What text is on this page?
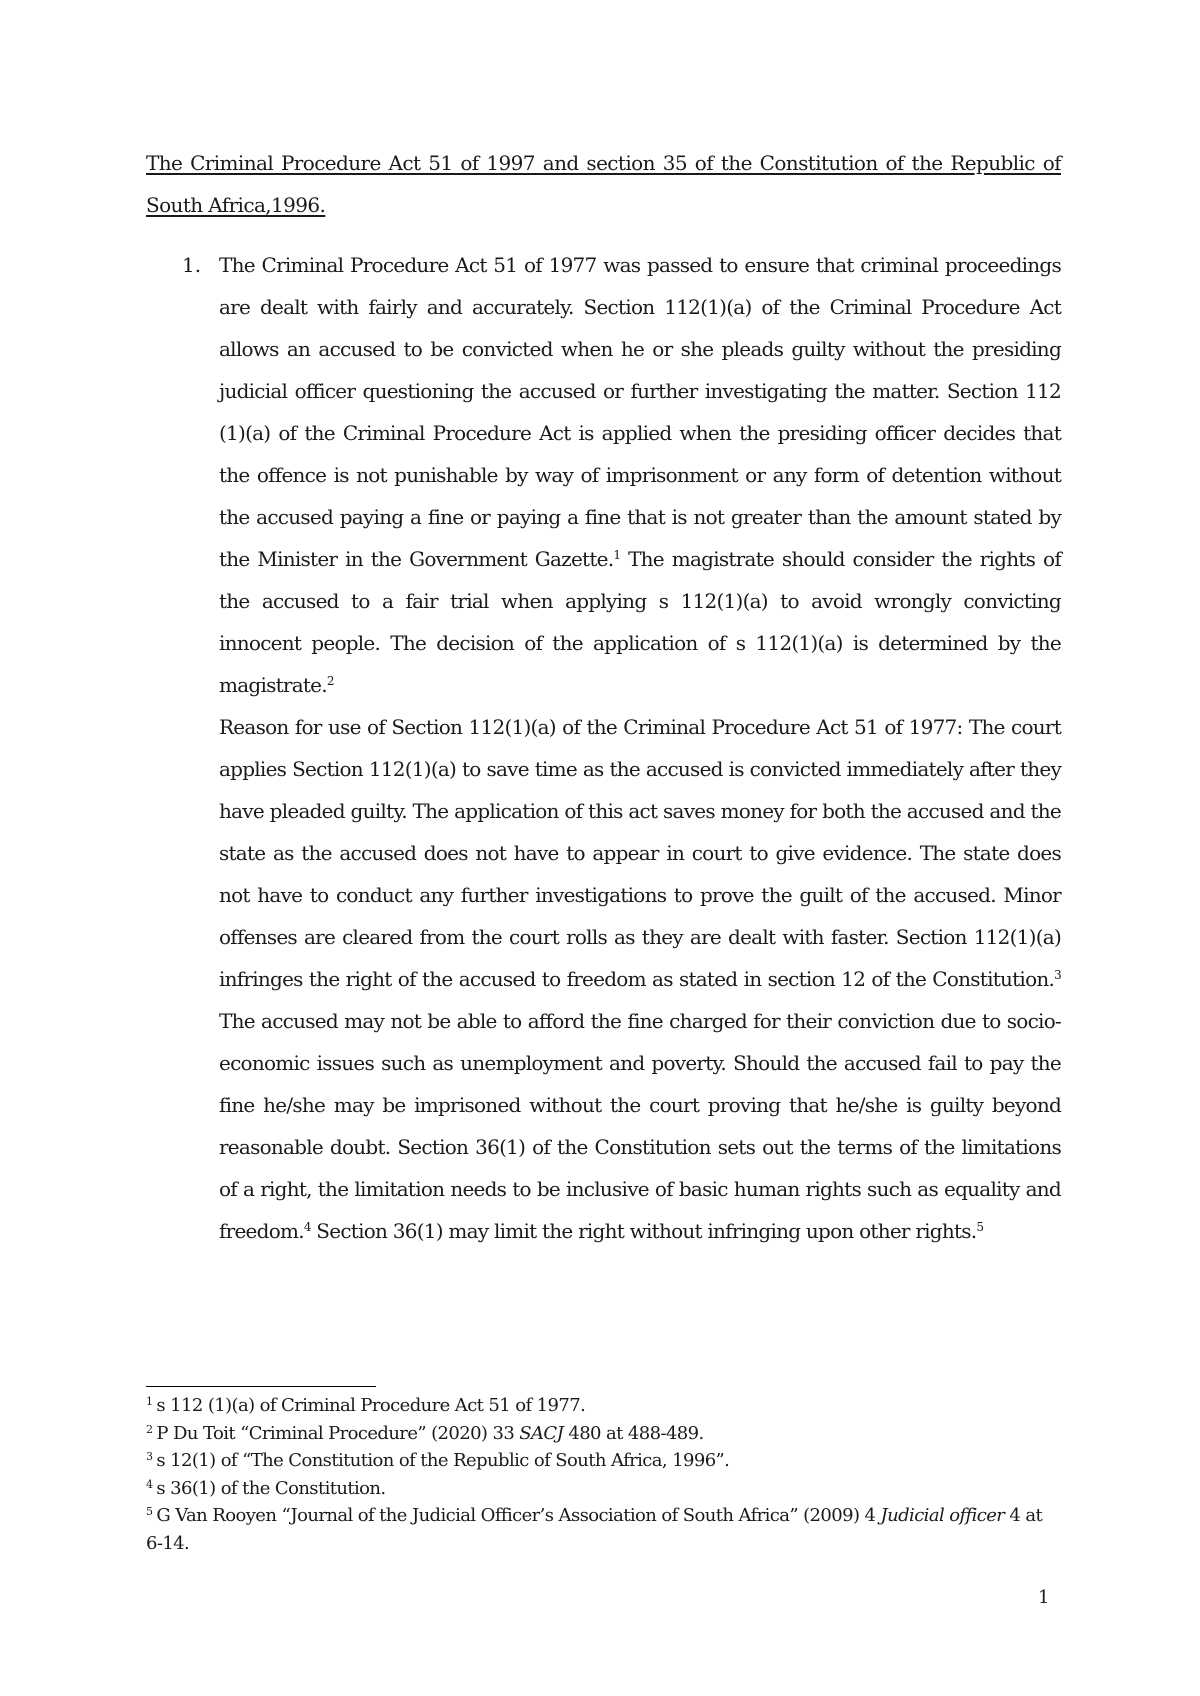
The Criminal Procedure Act 51 of 1997 and section 35 of the Constitution of the Republic of South Africa,1996.
1. The Criminal Procedure Act 51 of 1977 was passed to ensure that criminal proceedings are dealt with fairly and accurately. Section 112(1)(a) of the Criminal Procedure Act allows an accused to be convicted when he or she pleads guilty without the presiding judicial officer questioning the accused or further investigating the matter. Section 112 (1)(a) of the Criminal Procedure Act is applied when the presiding officer decides that the offence is not punishable by way of imprisonment or any form of detention without the accused paying a fine or paying a fine that is not greater than the amount stated by the Minister in the Government Gazette.$^1$ The magistrate should consider the rights of the accused to a fair trial when applying s 112(1)(a) to avoid wrongly convicting innocent people. The decision of the application of s 112(1)(a) is determined by the magistrate.$^2$

Reason for use of Section 112(1)(a) of the Criminal Procedure Act 51 of 1977: The court applies Section 112(1)(a) to save time as the accused is convicted immediately after they have pleaded guilty. The application of this act saves money for both the accused and the state as the accused does not have to appear in court to give evidence. The state does not have to conduct any further investigations to prove the guilt of the accused. Minor offenses are cleared from the court rolls as they are dealt with faster. Section 112(1)(a) infringes the right of the accused to freedom as stated in section 12 of the Constitution.$^3$ The accused may not be able to afford the fine charged for their conviction due to socio-economic issues such as unemployment and poverty. Should the accused fail to pay the fine he/she may be imprisoned without the court proving that he/she is guilty beyond reasonable doubt. Section 36(1) of the Constitution sets out the terms of the limitations of a right, the limitation needs to be inclusive of basic human rights such as equality and freedom.$^4$ Section 36(1) may limit the right without infringing upon other rights.$^5$

$^1$ s 112 (1)(a) of Criminal Procedure Act 51 of 1977.

$^2$ P Du Toit “Criminal Procedure” (2020) 33 SACJ 480 at 488-489.

$^3$ s 12(1) of “The Constitution of the Republic of South Africa, 1996”.

$^4$ s 36(1) of the Constitution.

$^5$ G Van Rooyen “Journal of the Judicial Officer’s Association of South Africa” (2009) 4 Judicial officer 4 at 6-14.

1
